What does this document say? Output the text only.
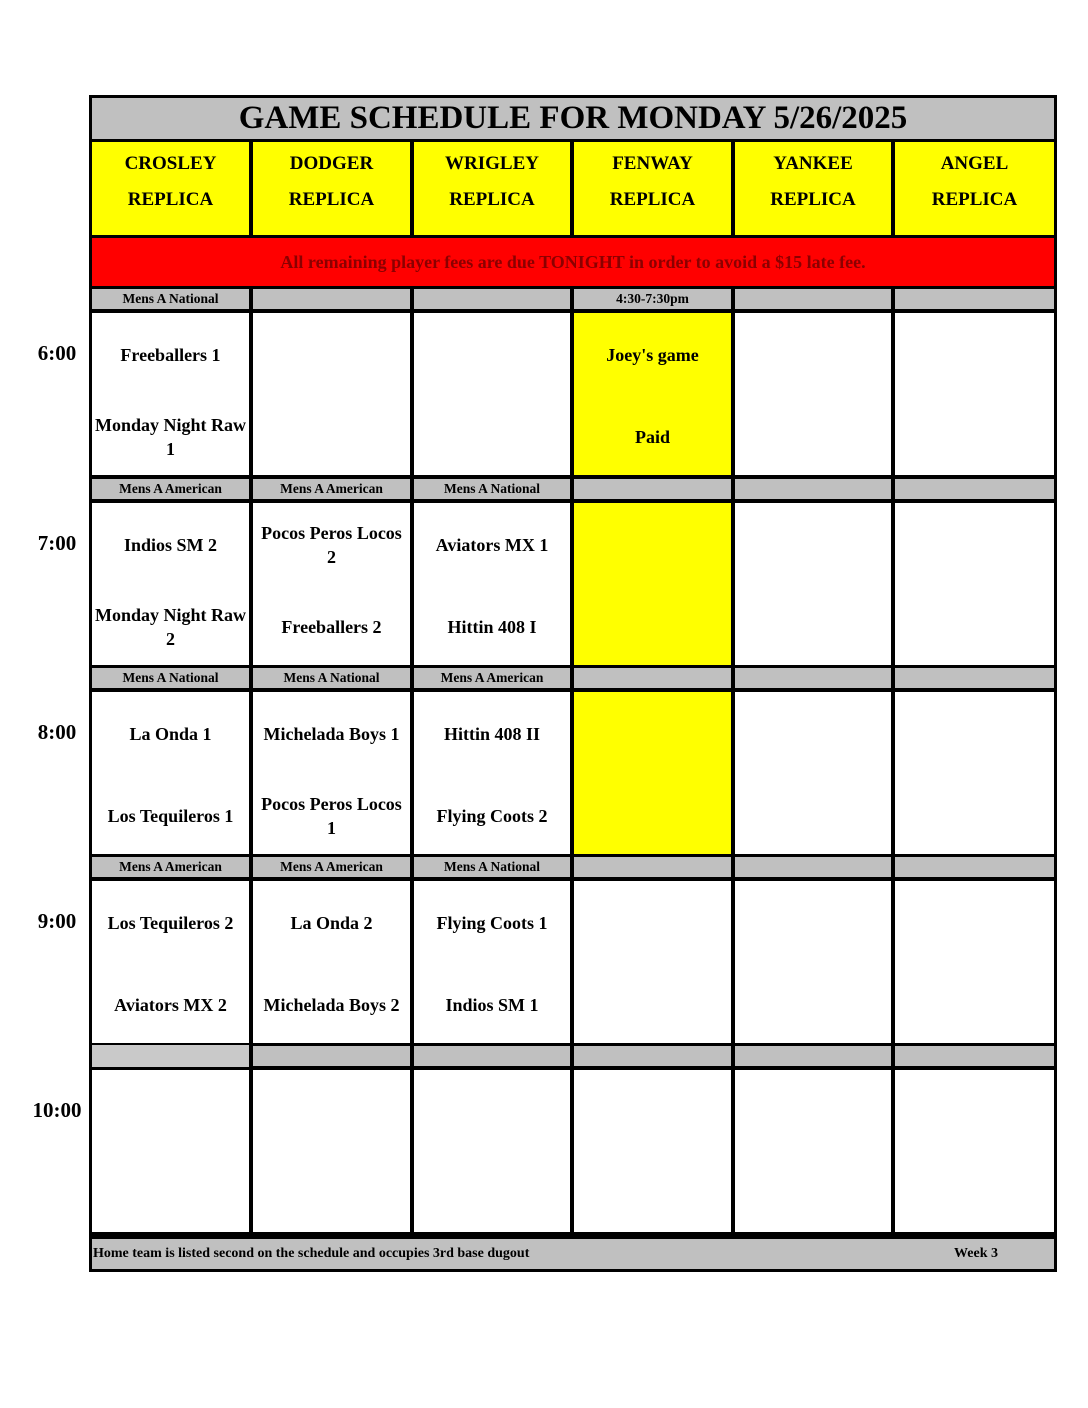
GAME SCHEDULE FOR MONDAY 5/26/2025
CROSLEY
REPLICA
DODGER
REPLICA
WRIGLEY
REPLICA
FENWAY
REPLICA
YANKEE
REPLICA
ANGEL
REPLICA
All remaining player fees are due TONIGHT in order to avoid a $15 late fee.
Mens A National
Freeballers 1
Monday Night Raw 1
4:30-7:30pm
Joey's game
Paid
Mens A American
Indios SM 2
Monday Night Raw 2
Mens A American
Pocos Peros Locos 2
Freeballers 2
Mens A National
Aviators MX 1
Hittin 408 I
Mens A National
La Onda 1
Los Tequileros 1
Mens A National
Michelada Boys 1
Pocos Peros Locos 1
Mens A American
Hittin 408 II
Flying Coots 2
Mens A American
Los Tequileros 2
Aviators MX 2
Mens A American
La Onda 2
Michelada Boys 2
Mens A National
Flying Coots 1
Indios SM 1
Home team is listed second on the schedule and occupies 3rd base dugout	Week 3
6:00
7:00
8:00
9:00
10:00
